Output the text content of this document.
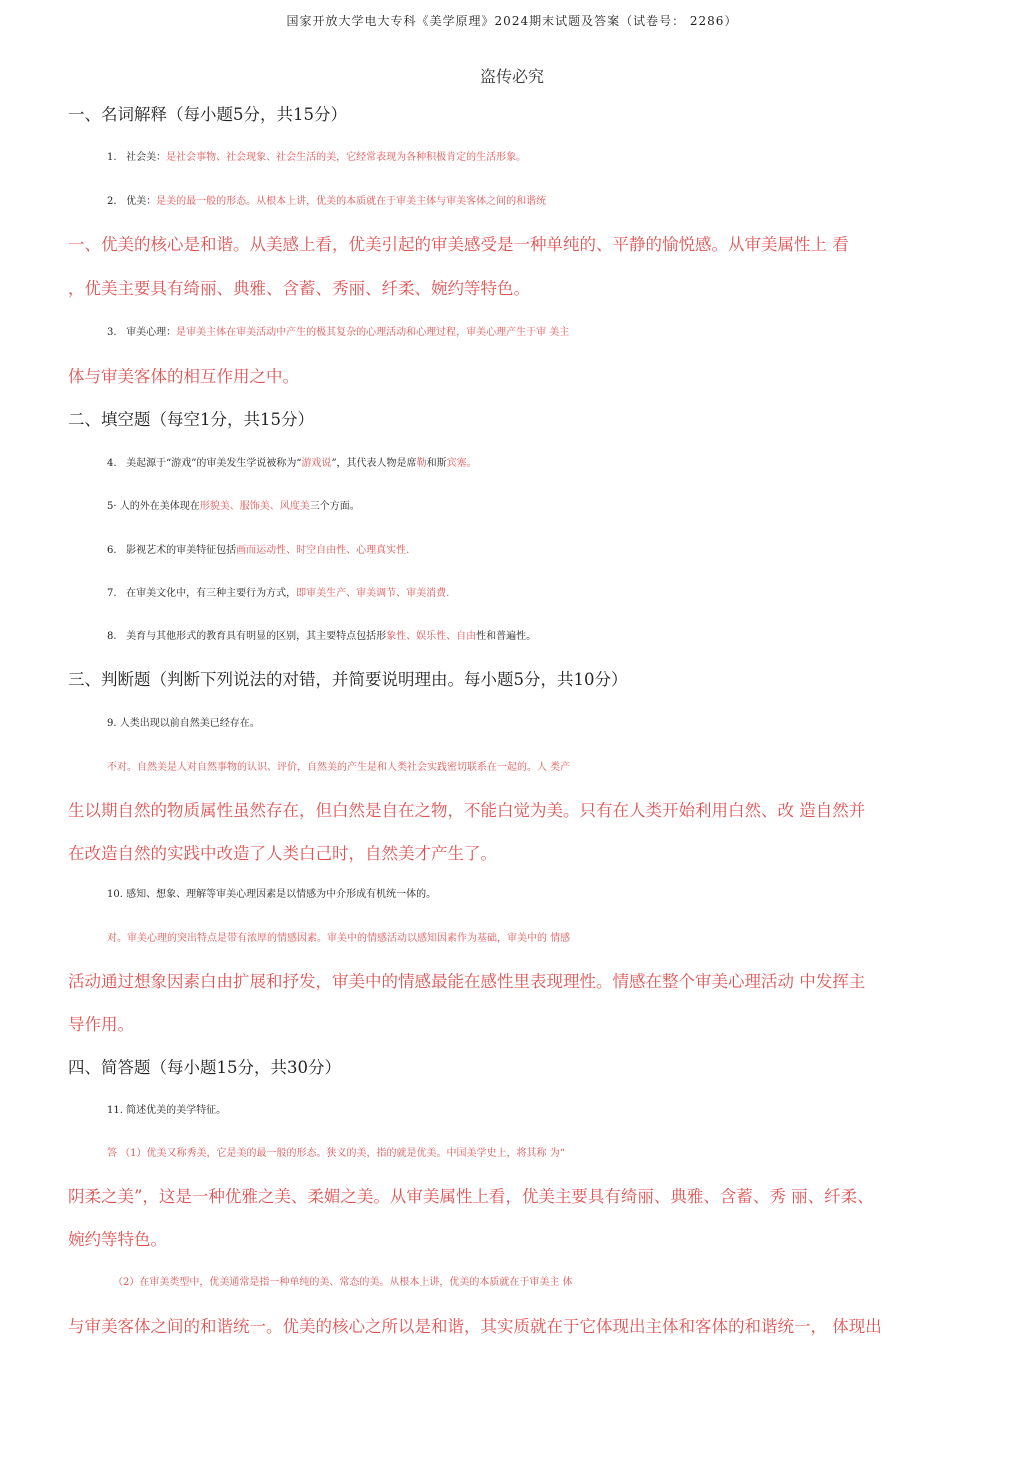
国家开放大学电大专科《美学原理》2024期末试题及答案（试卷号： 2286）
盗传必究
一、名词解释（每小题5分，共15分）
1. 社会美：是社会事物、社会现象、社会生活的美，它经常表现为各种积极肯定的生活形象。
2. 优美：是美的最一般的形态。从根本上讲，优美的本质就在于审美主体与审美客体之间的和谐统
一、优美的核心是和谐。从美感上看，优美引起的审美感受是一种单纯的、平静的愉悦感。从审美属性上 看
，优美主要具有绮丽、典雅、含蓄、秀丽、纤柔、婉约等特色。
3. 审美心理：是审美主体在审美活动中产生的极其复杂的心理活动和心理过程，审美心理产生于审 美主
体与审美客体的相互作用之中。
二、填空题（每空1分，共15分）
4. 美起源于“游戏”的审美发生学说被称为“游戏说”，其代表人物是席勒和斯宾塞。
5· 人的外在美体现在形貌美、服饰美、风度美三个方面。
6. 影视艺术的审美特征包括画而运动性、时空自由性、心理真实性.
7. 在审美文化中，有三种主要行为方式，即审美生产、审美调节、审美消费.
8. 美育与其他形式的教育具有明显的区别，其主要特点包括形象性、娱乐性、自由性和普遍性。
三、判断题（判断下列说法的对错，并简要说明理由。每小题5分，共10分）
9. 人类出现以前自然美已经存在。
不对。自然美是人对自然事物的认识、评价，自然美的产生是和人类社会实践密切联系在一起的。人 类产
生以期自然的物质属性虽然存在，但白然是自在之物，不能白觉为美。只有在人类开始利用白然、改 造自然并
在改造自然的实践中改造了人类白己时，自然美才产生了。
10. 感知、想象、理解等审美心理因素是以情感为中介形成有机统一体的。
对。审美心理的突出特点是带有浓厚的情感因素。审美中的情感活动以感知因素作为基础，审美中的 情感
活动通过想象因素白由扩展和抒发，审美中的情感最能在感性里表现理性。情感在整个审美心理活动 中发挥主
导作用。
四、简答题（每小题15分，共30分）
11. 简述优美的美学特征。
答 （1）优美又称秀美，它是美的最一般的形态。狭义的美，指的就是优美。中国美学史上，将其称 为“
阴柔之美”，这是一种优雅之美、柔媚之美。从审美属性上看，优美主要具有绮丽、典雅、含蓄、秀 丽、纤柔、
婉约等特色。
（2）在审美类型中，优美通常是指一种单纯的美、常态的美。从根本上讲，优美的本质就在于审美主 体
与审美客体之间的和谐统一。优美的核心之所以是和谐，其实质就在于它体现出主体和客体的和谐统一， 体现出
